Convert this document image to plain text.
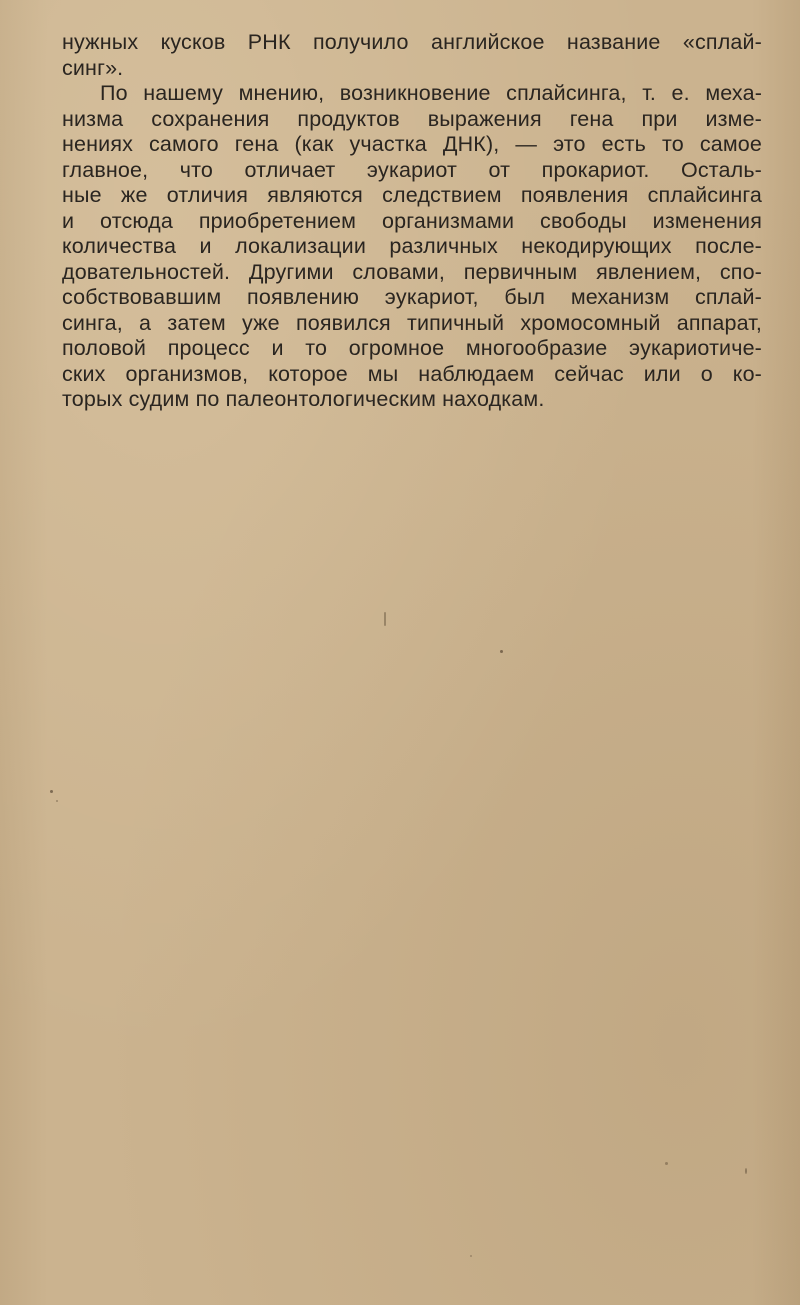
нужных кусков РНК получило английское название «сплай-
синг».
По нашему мнению, возникновение сплайсинга, т. е. меха-
низма сохранения продуктов выражения гена при изме-
нениях самого гена (как участка ДНК), — это есть то самое
главное, что отличает эукариот от прокариот. Осталь-
ные же отличия являются следствием появления сплайсинга
и отсюда приобретением организмами свободы изменения
количества и локализации различных некодирующих после-
довательностей. Другими словами, первичным явлением, спо-
собствовавшим появлению эукариот, был механизм сплай-
синга, а затем уже появился типичный хромосомный аппарат,
половой процесс и то огромное многообразие эукариотиче-
ских организмов, которое мы наблюдаем сейчас или о ко-
торых судим по палеонтологическим находкам.
